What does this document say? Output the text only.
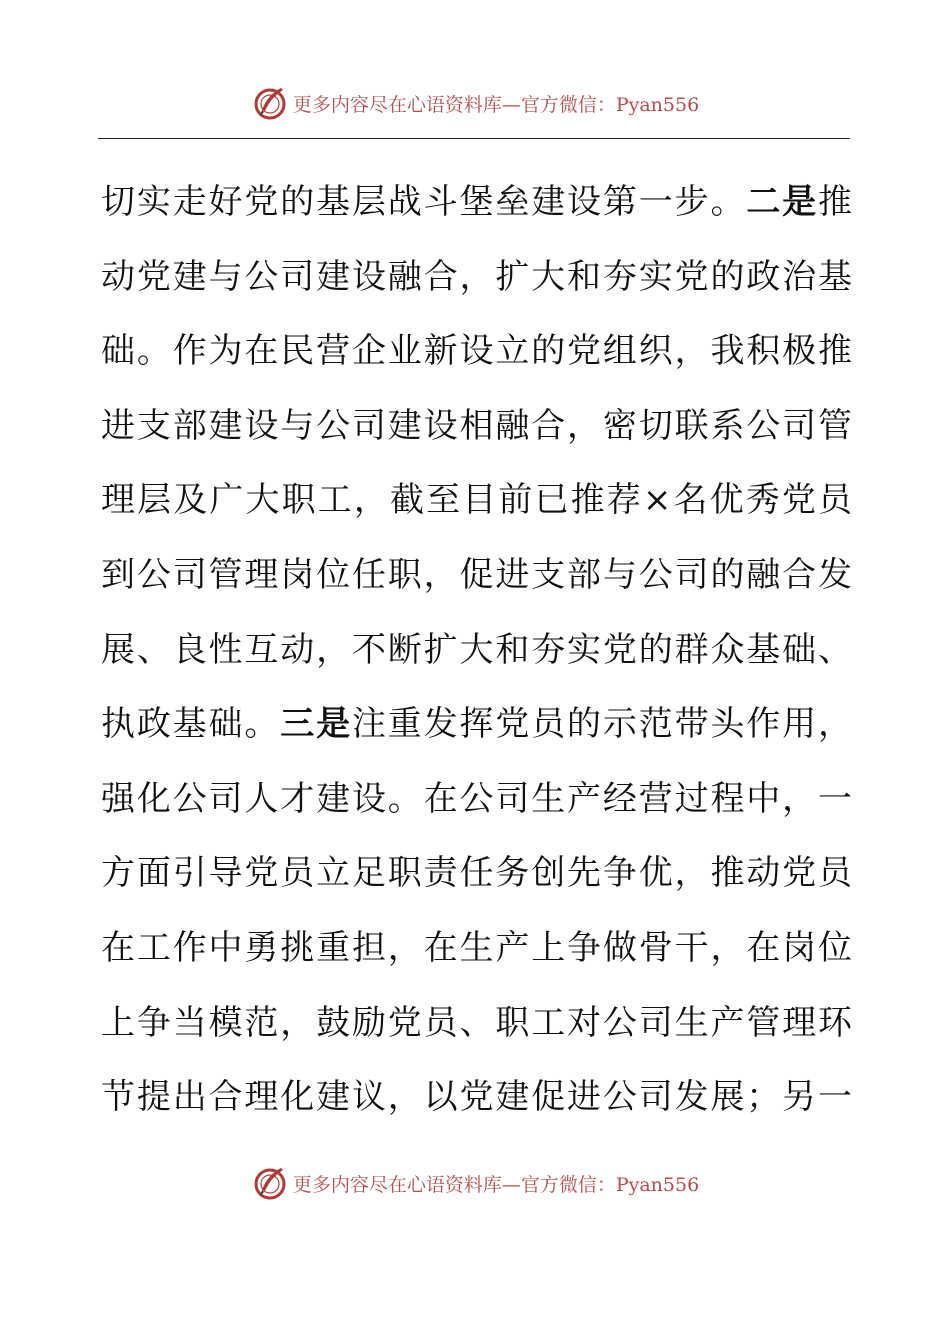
更多内容尽在心语资料库—官方微信：Pyan556
切实走好党的基层战斗堡垒建设第一步。二是推
动党建与公司建设融合，扩大和夯实党的政治基
础。作为在民营企业新设立的党组织，我积极推
进支部建设与公司建设相融合，密切联系公司管
理层及广大职工，截至目前已推荐×名优秀党员
到公司管理岗位任职，促进支部与公司的融合发
展、良性互动，不断扩大和夯实党的群众基础、
执政基础。三是注重发挥党员的示范带头作用，
强化公司人才建设。在公司生产经营过程中，一
方面引导党员立足职责任务创先争优，推动党员
在工作中勇挑重担，在生产上争做骨干，在岗位
上争当模范，鼓励党员、职工对公司生产管理环
节提出合理化建议，以党建促进公司发展；另一
更多内容尽在心语资料库—官方微信：Pyan556
